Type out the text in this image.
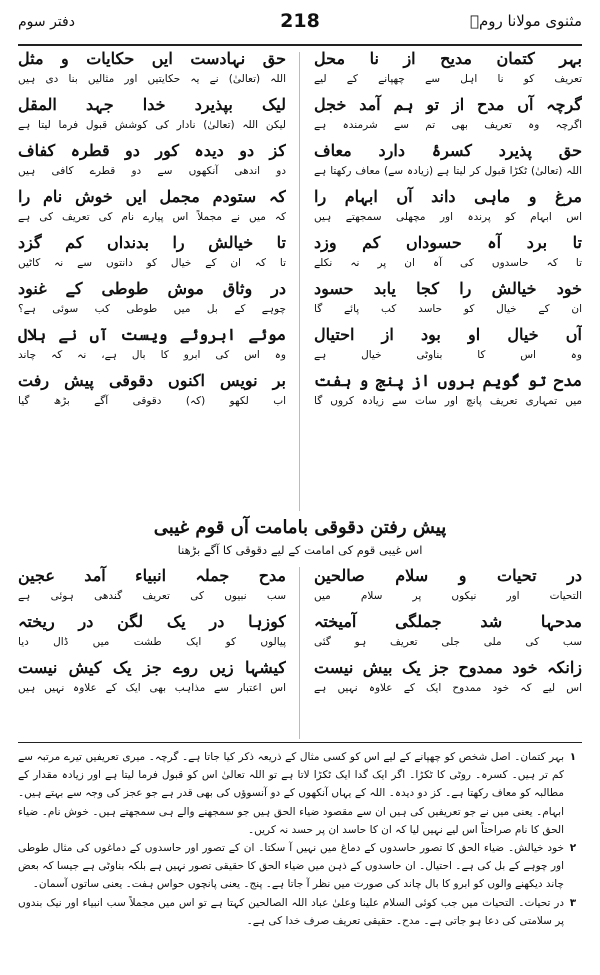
مثنوی مولانا رومؒ
218
دفتر سوم
بہر کتمان مدیح از نا محل
تعریف کو نا اہل سے چھپانے کے لیے
گرچہ آں مدح از تو ہم آمد خجل
اگرچہ وہ تعریف بھی تم سے شرمندہ ہے
حق پذیرد کسرۂ دارد معاف
اللہ (تعالیٰ) ٹکڑا قبول کر لیتا ہے (زیادہ سے) معاف رکھتا ہے
مرغ و ماہی داند آں ابہام را
اس ابہام کو پرندہ اور مچھلی سمجھتے ہیں
تا برد آہ حسوداں کم وزد
تا کہ حاسدوں کی آہ ان پر نہ نکلے
خود خیالش را کجا یابد حسود
ان کے خیال کو حاسد کب پائے گا
آں خیال او بود از احتیال
وہ اس کا بناوٹی خیال ہے
مدح تو گویم بروں از پنج و ہفت
میں تمہاری تعریف پانچ اور سات سے زیادہ کروں گا
حق نہادست ایں حکایات و مثل
اللہ (تعالیٰ) نے یہ حکایتیں اور مثالیں بنا دی ہیں
لیک بپذیرد خدا جہد المقل
لیکن اللہ (تعالیٰ) نادار کی کوشش قبول فرما لیتا ہے
کز دو دیدہ کور دو قطرہ کفاف
دو اندھی آنکھوں سے دو قطرے کافی ہیں
کہ ستودم مجمل ایں خوش نام را
کہ میں نے مجملاً اس پیارے نام کی تعریف کی ہے
تا خیالش را بدنداں کم گزد
تا کہ ان کے خیال کو دانتوں سے نہ کاٹیں
در وثاق موش طوطی کے غنود
چوہے کے بل میں طوطی کب سوئی ہے؟
موئے ابروئے ویست آں نے ہلال
وہ اس کی ابرو کا بال ہے، نہ کہ چاند
بر نویس اکنوں دقوقی پیش رفت
اب لکھو (کہ) دقوقی آگے بڑھ گیا
پیش رفتن دقوقی بامامت آں قوم غیبی
اس غیبی قوم کی امامت کے لیے دقوقی کا آگے بڑھنا
در تحیات و سلام صالحین
التحیات اور نیکوں پر سلام میں
مدحہا شد جملگی آمیختہ
سب کی ملی جلی تعریف ہو گئی
زانکہ خود ممدوح جز یک بیش نیست
اس لیے کہ خود ممدوح ایک کے علاوہ نہیں ہے
مدح جملہ انبیاء آمد عجین
سب نبیوں کی تعریف گندھی ہوئی ہے
کوزہا در یک لگن در ریختہ
پیالوں کو ایک طشت میں ڈال دیا
کیشہا زیں روے جز یک کیش نیست
اس اعتبار سے مذاہب بھی ایک کے علاوہ نہیں ہیں
۱
بہر کتمان۔ اصل شخص کو چھپانے کے لیے اس کو کسی مثال کے ذریعہ ذکر کیا جاتا ہے۔ گرچہ۔ میری تعریفیں تیرے مرتبہ سے کم تر ہیں۔ کسرہ۔ روٹی کا ٹکڑا۔ اگر ایک گدا ایک ٹکڑا لاتا ہے تو اللہ تعالیٰ اس کو قبول فرما لیتا ہے اور زیادہ مقدار کے مطالبہ کو معاف رکھتا ہے۔ کز دو دیدہ۔ اللہ کے یہاں آنکھوں کے دو آنسوؤں کی بھی قدر ہے جو عجز کی وجہ سے بہتے ہیں۔ ابہام۔ یعنی میں نے جو تعریفیں کی ہیں ان سے مقصود ضیاء الحق ہیں جو سمجھنے والے ہی سمجھتے ہیں۔ خوش نام۔ ضیاء الحق کا نام صراحتاً اس لیے نہیں لیا کہ ان کا حاسد ان پر حسد نہ کریں۔
۲
خود خیالش۔ ضیاء الحق کا تصور حاسدوں کے دماغ میں نہیں آ سکتا۔ ان کے تصور اور حاسدوں کے دماغوں کی مثال طوطی اور چوہے کے بل کی ہے۔ احتیال۔ ان حاسدوں کے ذہن میں ضیاء الحق کا حقیقی تصور نہیں ہے بلکہ بناوٹی ہے جیسا کہ بعض چاند دیکھنے والوں کو ابرو کا بال چاند کی صورت میں نظر آ جاتا ہے۔ پنج۔ یعنی پانچوں حواس ہفت۔ یعنی ساتوں آسمان۔
۳
در تحیات۔ التحیات میں جب کوئی السلام علینا وعلیٰ عباد اللہ الصالحین کہتا ہے تو اس میں مجملاً سب انبیاء اور نیک بندوں پر سلامتی کی دعا ہو جاتی ہے۔ مدح۔ حقیقی تعریف صرف خدا کی ہے۔
